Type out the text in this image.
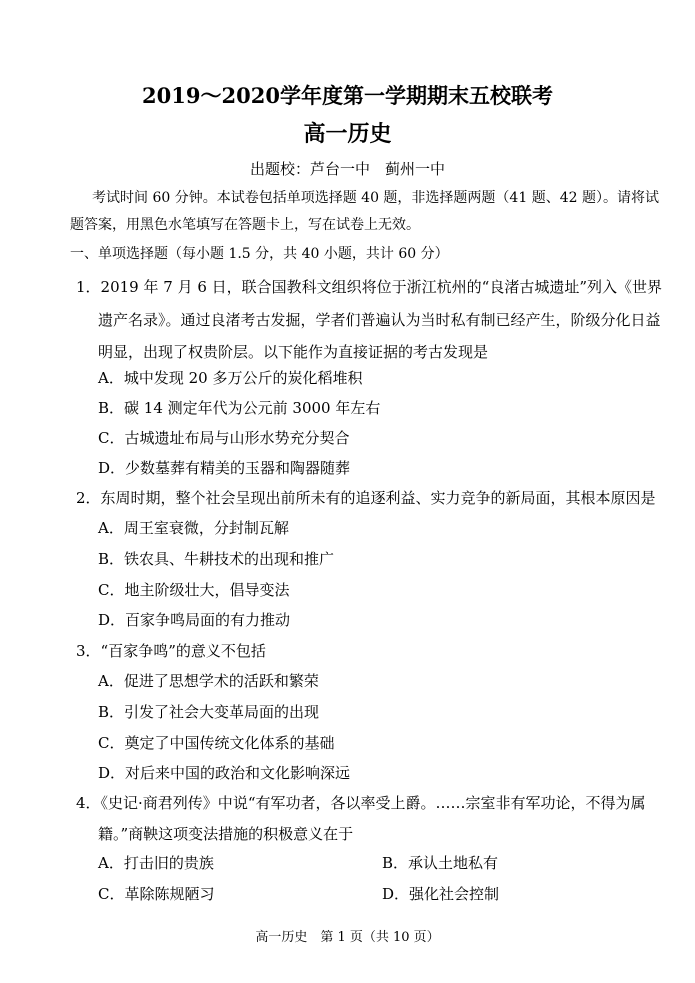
2019～2020学年度第一学期期末五校联考
高一历史
出题校：芦台一中　蓟州一中
考试时间 60 分钟。本试卷包括单项选择题 40 题，非选择题两题（41 题、42 题）。请将试题答案，用黑色水笔填写在答题卡上，写在试卷上无效。
一、单项选择题（每小题 1.5 分，共 40 小题，共计 60 分）
1．2019 年 7 月 6 日，联合国教科文组织将位于浙江杭州的“良渚古城遗址”列入《世界
遗产名录》。通过良渚考古发掘，学者们普遍认为当时私有制已经产生，阶级分化日益
明显，出现了权贵阶层。以下能作为直接证据的考古发现是
A．城中发现 20 多万公斤的炭化稻堆积
B．碳 14 测定年代为公元前 3000 年左右
C．古城遗址布局与山形水势充分契合
D．少数墓葬有精美的玉器和陶器随葬
2．东周时期，整个社会呈现出前所未有的追逐利益、实力竞争的新局面，其根本原因是
A．周王室衰微，分封制瓦解
B．铁农具、牛耕技术的出现和推广
C．地主阶级壮大，倡导变法
D．百家争鸣局面的有力推动
3．“百家争鸣”的意义不包括
A．促进了思想学术的活跃和繁荣
B．引发了社会大变革局面的出现
C．奠定了中国传统文化体系的基础
D．对后来中国的政治和文化影响深远
4．《史记·商君列传》中说“有军功者，各以率受上爵。……宗室非有军功论，不得为属
籍。”商鞅这项变法措施的积极意义在于
A．打击旧的贵族	B．承认土地私有
C．革除陈规陋习	D．强化社会控制
高一历史　第 1 页（共 10 页）
